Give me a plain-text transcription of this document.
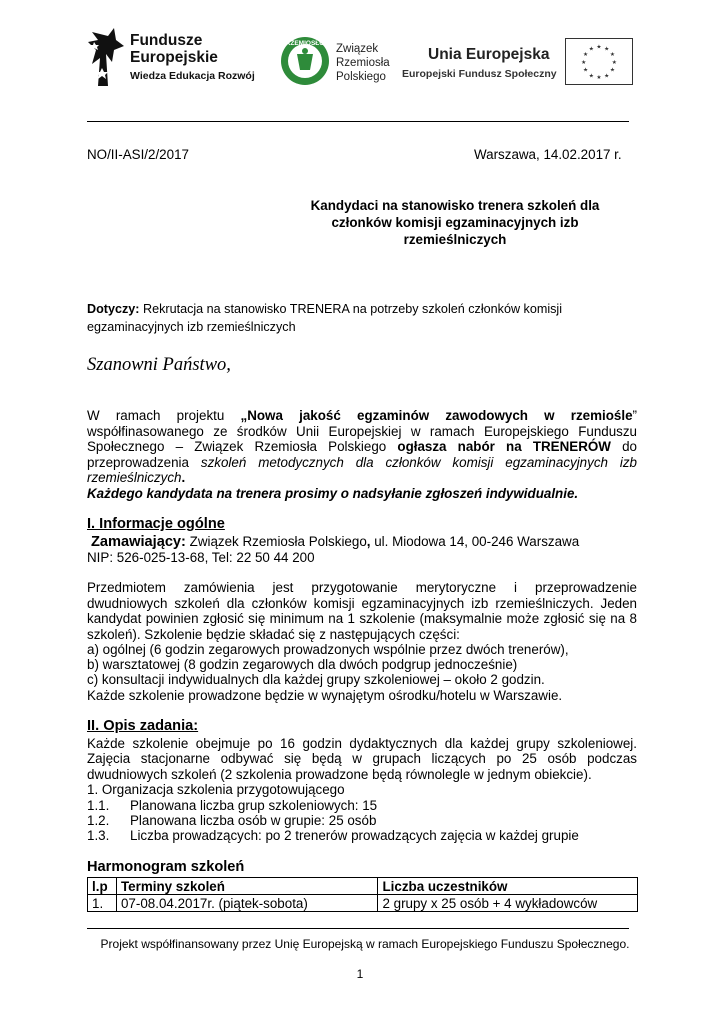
Fundusze
Europejskie
Wiedza Edukacja Rozwój
RZEMIOSŁO Związek
Rzemiosła
Polskiego
Unia Europejska
Europejski Fundusz Społeczny
★ ★
★
★
★
★
★
★
★
★
★
★
NO/II-ASI/2/2017	Warszawa, 14.02.2017 r.
Kandydaci na stanowisko trenera szkoleń dla
członków komisji egzaminacyjnych izb
rzemieślniczych
Dotyczy: Rekrutacja na stanowisko TRENERA na potrzeby szkoleń członków komisji
egzaminacyjnych izb rzemieślniczych
Szanowni Państwo,
W ramach projektu „Nowa jakość egzaminów zawodowych w rzemiośle”
współfinasowanego ze środków Unii Europejskiej w ramach Europejskiego Funduszu
Społecznego – Związek Rzemiosła Polskiego ogłasza nabór na TRENERÓW do
przeprowadzenia szkoleń metodycznych dla członków komisji egzaminacyjnych izb
rzemieślniczych.
Każdego kandydata na trenera prosimy o nadsyłanie zgłoszeń indywidualnie.
I. Informacje ogólne
Zamawiający: Związek Rzemiosła Polskiego, ul. Miodowa 14, 00-246 Warszawa
NIP: 526-025-13-68, Tel: 22 50 44 200
Przedmiotem zamówienia jest przygotowanie merytoryczne i przeprowadzenie
dwudniowych szkoleń dla członków komisji egzaminacyjnych izb rzemieślniczych. Jeden
kandydat powinien zgłosić się minimum na 1 szkolenie (maksymalnie może zgłosić się na 8
szkoleń). Szkolenie będzie składać się z następujących części:
a) ogólnej (6 godzin zegarowych prowadzonych wspólnie przez dwóch trenerów),
b) warsztatowej (8 godzin zegarowych dla dwóch podgrup jednocześnie)
c) konsultacji indywidualnych dla każdej grupy szkoleniowej – około 2 godzin.
Każde szkolenie prowadzone będzie w wynajętym ośrodku/hotelu w Warszawie.
II. Opis zadania:
Każde szkolenie obejmuje po 16 godzin dydaktycznych dla każdej grupy szkoleniowej.
Zajęcia stacjonarne odbywać się będą w grupach liczących po 25 osób podczas
dwudniowych szkoleń (2 szkolenia prowadzone będą równolegle w jednym obiekcie).
1. Organizacja szkolenia przygotowującego
1.1. Planowana liczba grup szkoleniowych: 15
1.2. Planowana liczba osób w grupie: 25 osób
1.3. Liczba prowadzących: po 2 trenerów prowadzących zajęcia w każdej grupie
Harmonogram szkoleń
l.p	Terminy szkoleń	Liczba uczestników
1.	07-08.04.2017r. (piątek-sobota)	2 grupy x 25 osób + 4 wykładowców
Projekt współfinansowany przez Unię Europejską w ramach Europejskiego Funduszu Społecznego.
1
